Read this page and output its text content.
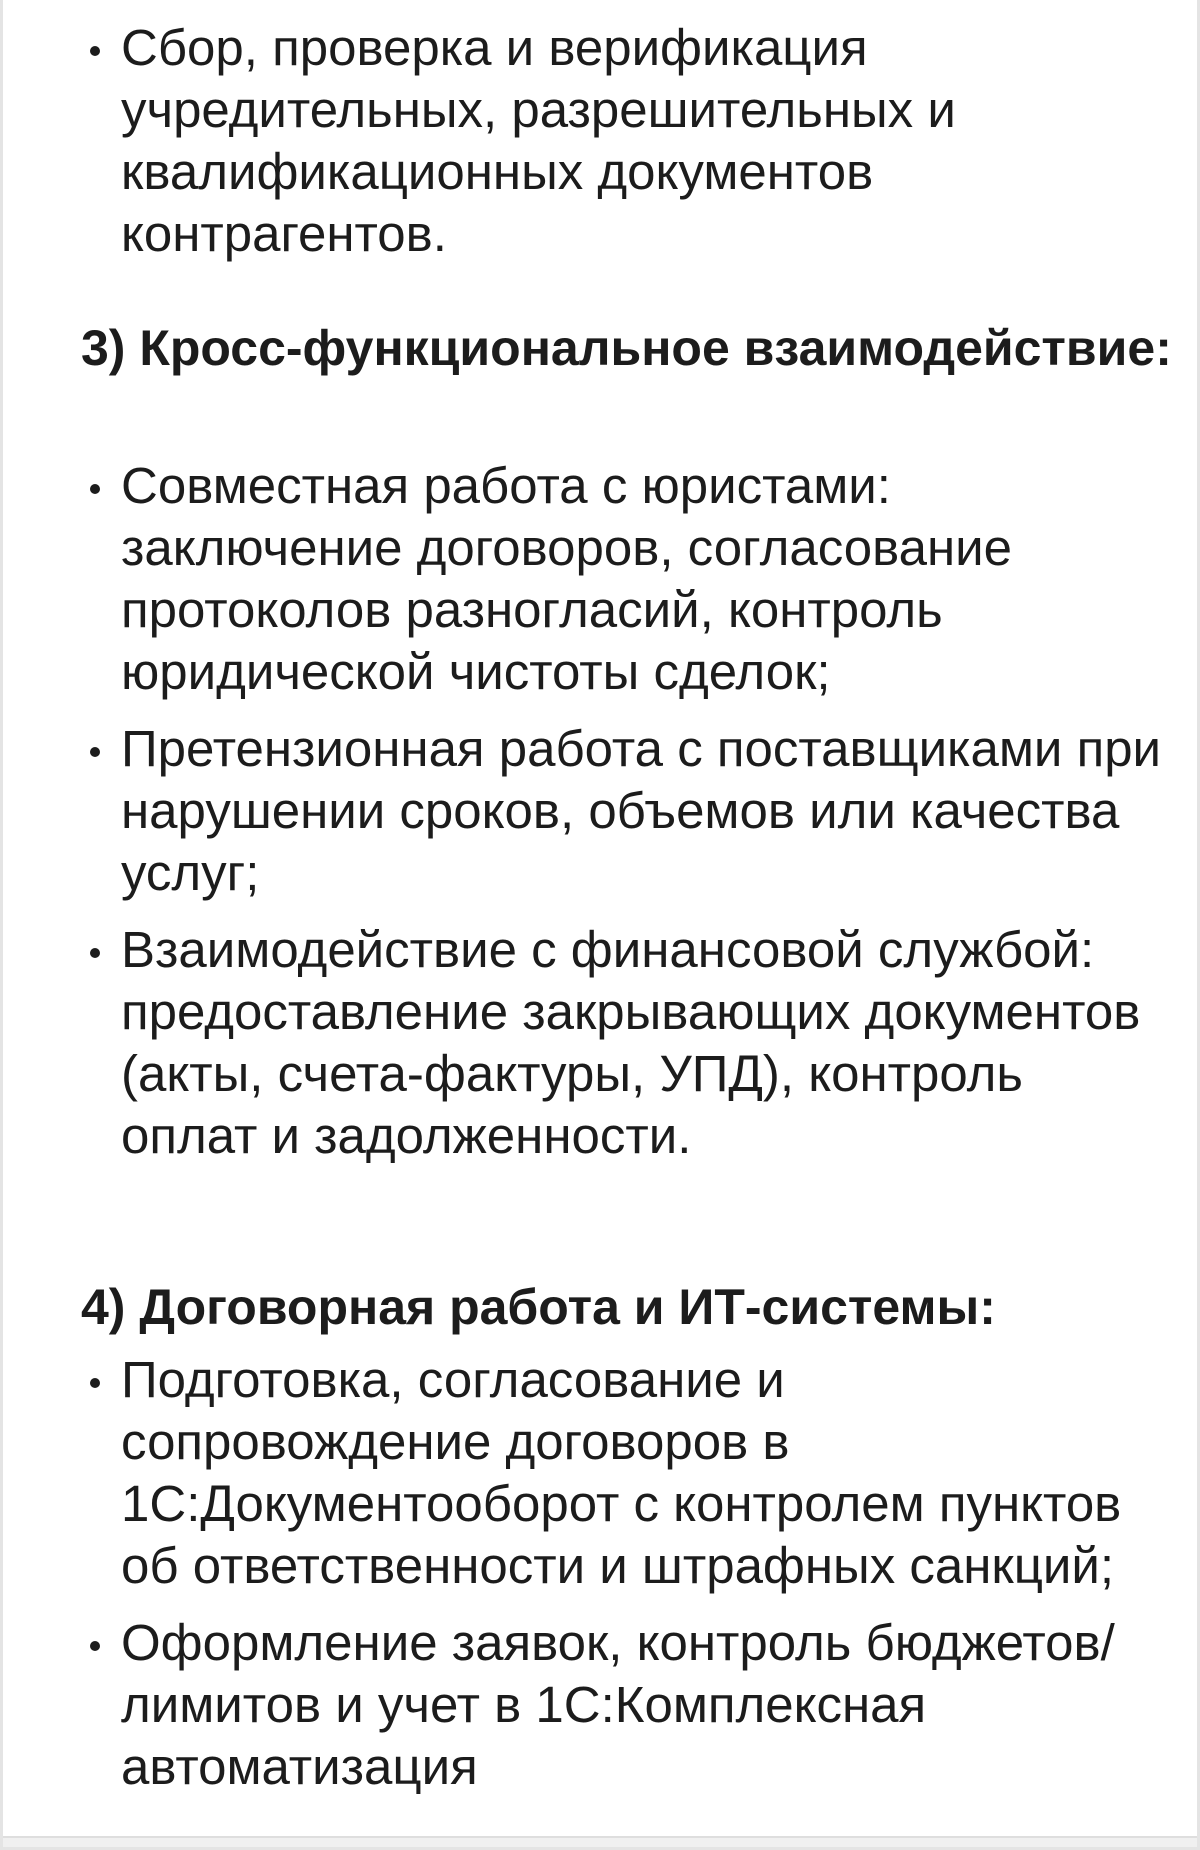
Сбор, проверка и верификация учредительных, разрешительных и квалификационных документов контрагентов.
3) Кросс-функциональное взаимодействие:
Совместная работа с юристами: заключение договоров, согласование протоколов разногласий, контроль юридической чистоты сделок;
Претензионная работа с поставщиками при нарушении сроков, объемов или качества услуг;
Взаимодействие с финансовой службой: предоставление закрывающих документов (акты, счета-фактуры, УПД), контроль оплат и задолженности.
4) Договорная работа и ИТ-системы:
Подготовка, согласование и сопровождение договоров в 1С:Документооборот с контролем пунктов об ответственности и штрафных санкций;
Оформление заявок, контроль бюджетов/лимитов и учет в 1С:Комплексная автоматизация
